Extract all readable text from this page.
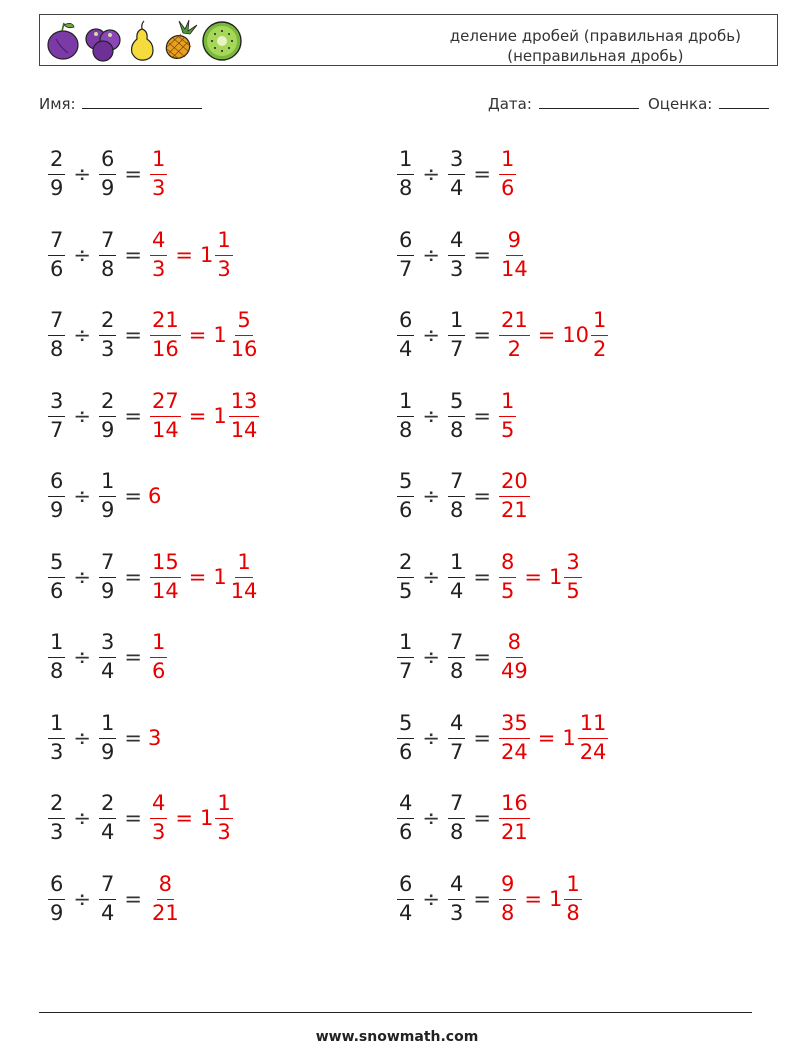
деление дробей (правильная дробь)
(неправильная дробь)
Имя:	Дата:	Оценка:
$\frac{2}{9} \div \frac{6}{9} = \frac{1}{3}$	$\frac{1}{8} \div \frac{3}{4} = \frac{1}{6}$
$\frac{7}{6} \div \frac{7}{8} = \frac{4}{3} = 1 \frac{1}{3}$	$\frac{6}{7} \div \frac{4}{3} = \frac{9}{14}$
$\frac{7}{8} \div \frac{2}{3} = \frac{21}{16} = 1 \frac{5}{16}$	$\frac{6}{4} \div \frac{1}{7} = \frac{21}{2} = 10 \frac{1}{2}$
$\frac{3}{7} \div \frac{2}{9} = \frac{27}{14} = 1 \frac{13}{14}$	$\frac{1}{8} \div \frac{5}{8} = \frac{1}{5}$
$\frac{6}{9} \div \frac{1}{9} = 6$	$\frac{5}{6} \div \frac{7}{8} = \frac{20}{21}$
$\frac{5}{6} \div \frac{7}{9} = \frac{15}{14} = 1 \frac{1}{14}$	$\frac{2}{5} \div \frac{1}{4} = \frac{8}{5} = 1 \frac{3}{5}$
$\frac{1}{8} \div \frac{3}{4} = \frac{1}{6}$	$\frac{1}{7} \div \frac{7}{8} = \frac{8}{49}$
$\frac{1}{3} \div \frac{1}{9} = 3$	$\frac{5}{6} \div \frac{4}{7} = \frac{35}{24} = 1 \frac{11}{24}$
$\frac{2}{3} \div \frac{2}{4} = \frac{4}{3} = 1 \frac{1}{3}$	$\frac{4}{6} \div \frac{7}{8} = \frac{16}{21}$
$\frac{6}{9} \div \frac{7}{4} = \frac{8}{21}$	$\frac{6}{4} \div \frac{4}{3} = \frac{9}{8} = 1 \frac{1}{8}$
www.snowmath.com
